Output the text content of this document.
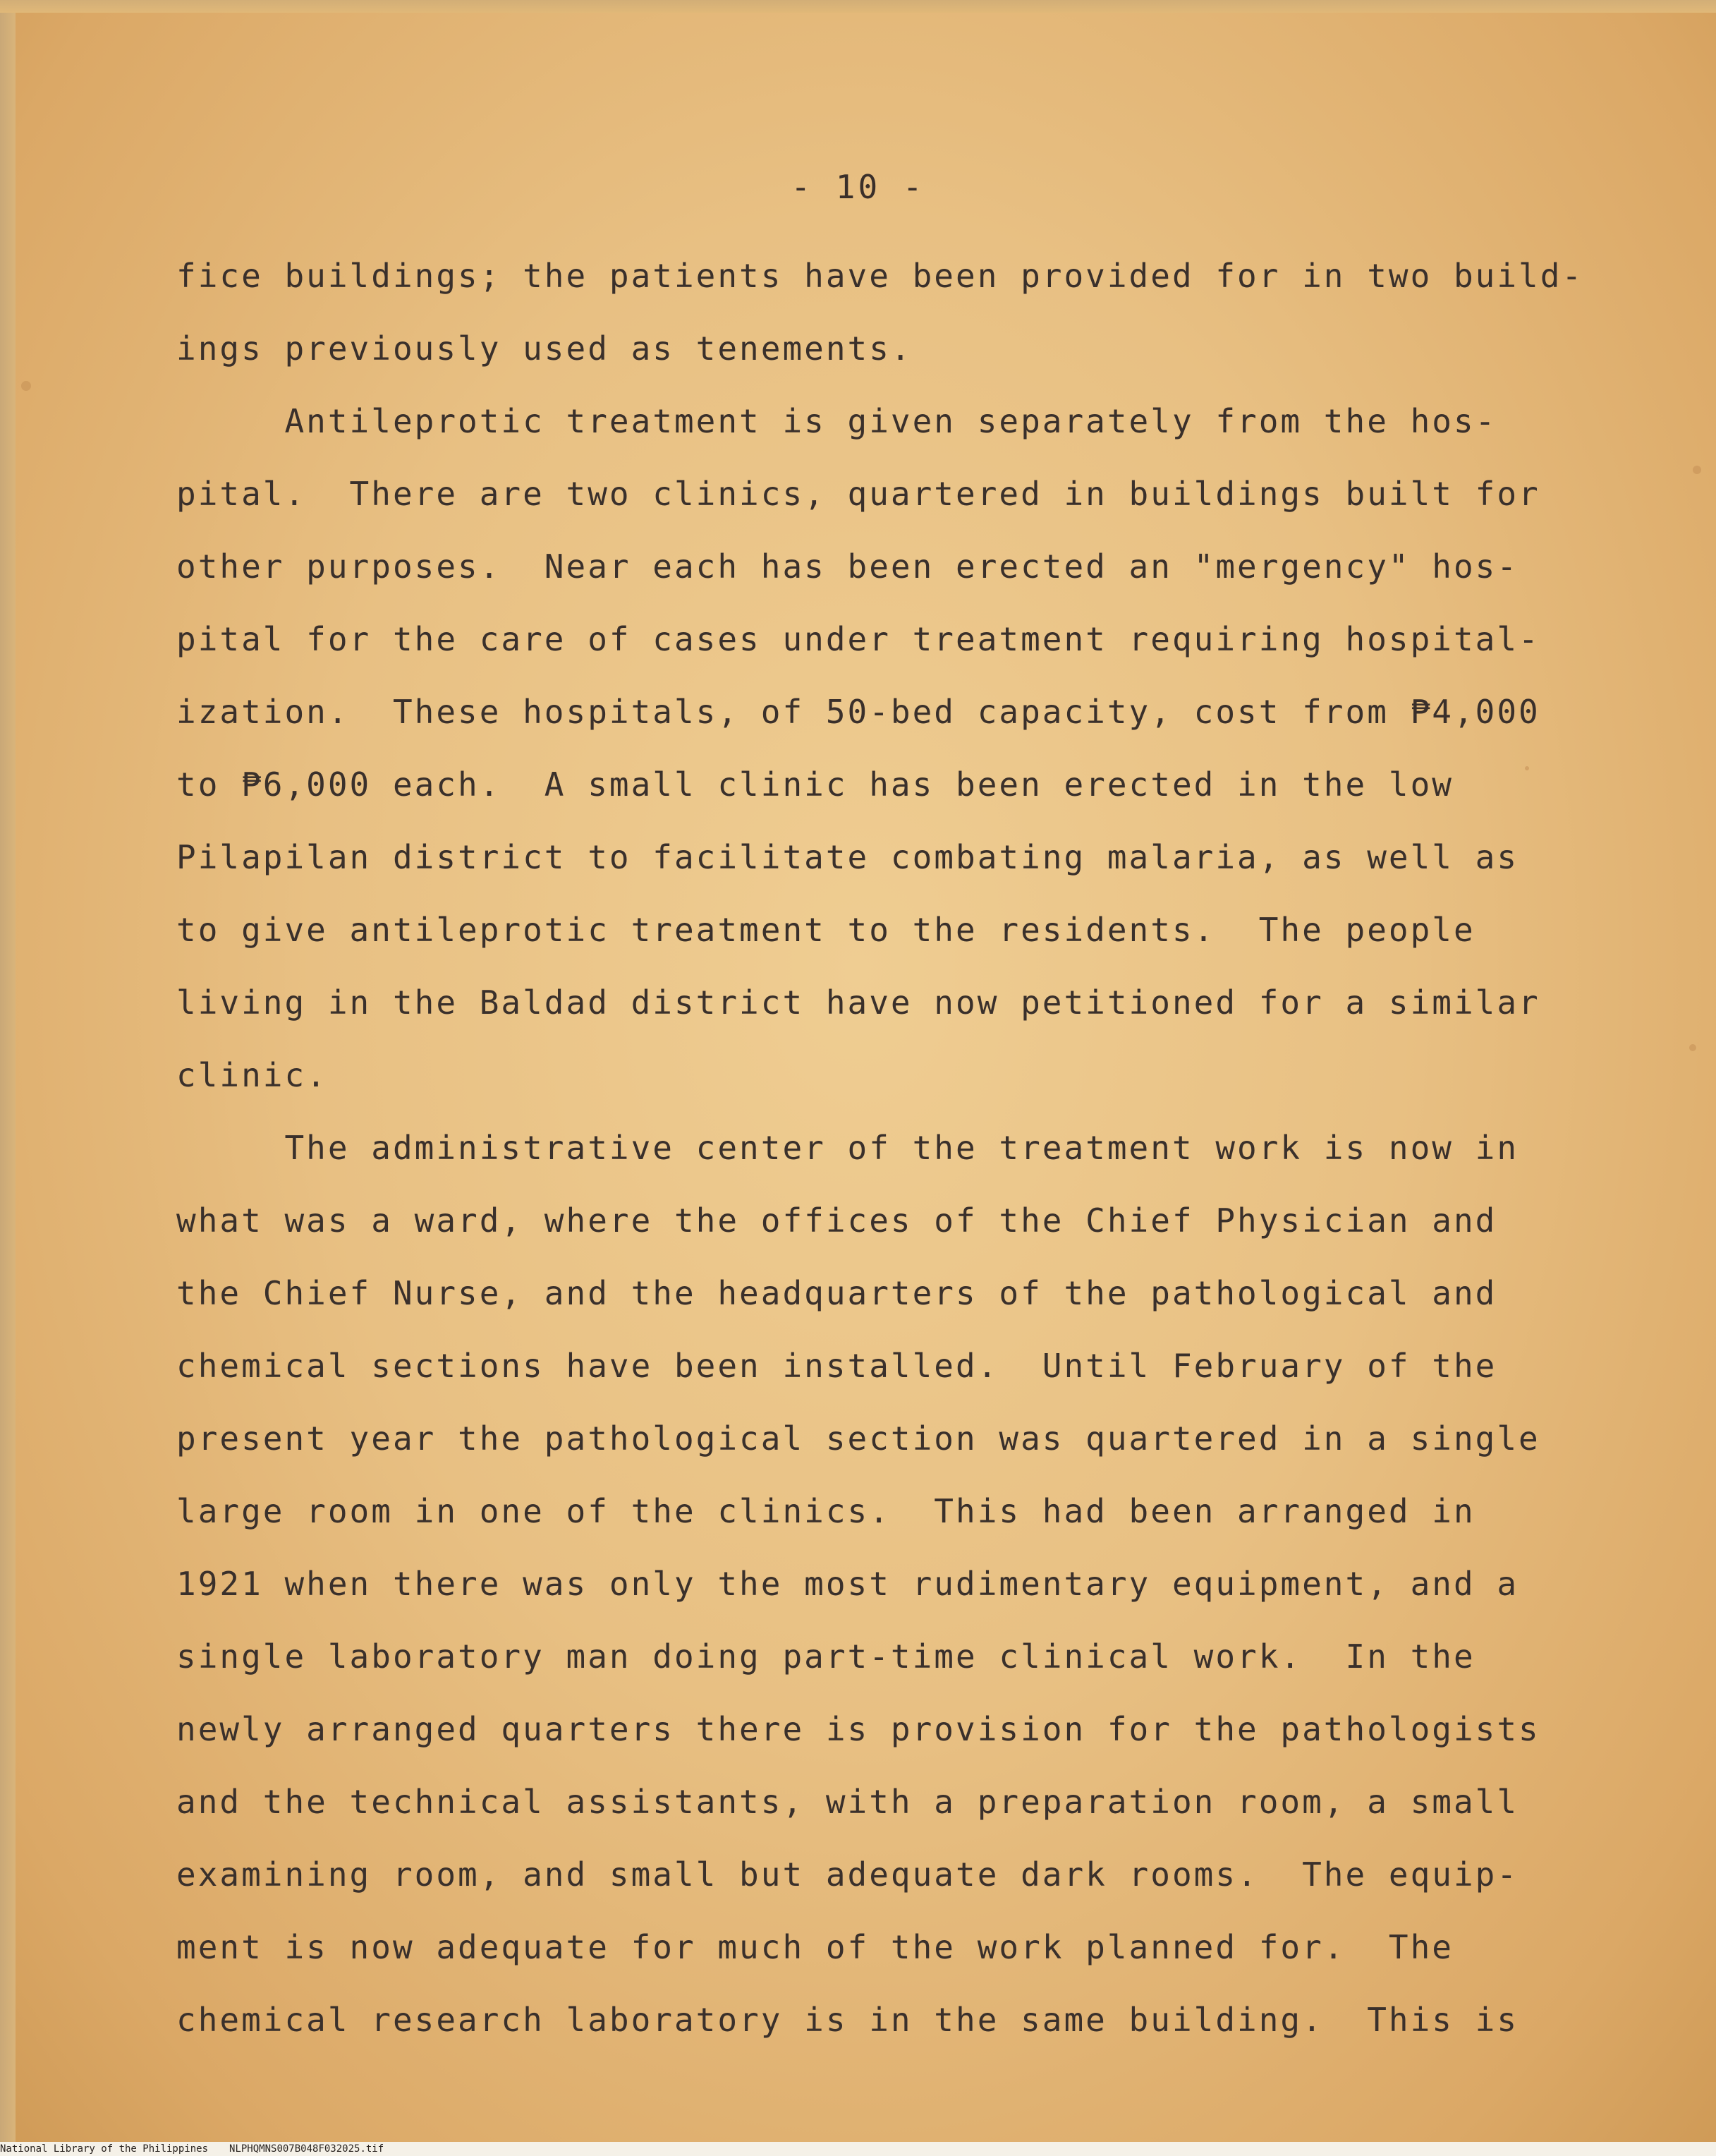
- 10 -
fice buildings; the patients have been provided for in two build-
ings previously used as tenements.
Antileprotic treatment is given separately from the hos-
pital.  There are two clinics, quartered in buildings built for
other purposes.  Near each has been erected an "mergency" hos-
pital for the care of cases under treatment requiring hospital-
ization.  These hospitals, of 50-bed capacity, cost from ₱4,000
to ₱6,000 each.  A small clinic has been erected in the low
Pilapilan district to facilitate combating malaria, as well as
to give antileprotic treatment to the residents.  The people
living in the Baldad district have now petitioned for a similar
clinic.
The administrative center of the treatment work is now in
what was a ward, where the offices of the Chief Physician and
the Chief Nurse, and the headquarters of the pathological and
chemical sections have been installed.  Until February of the
present year the pathological section was quartered in a single
large room in one of the clinics.  This had been arranged in
1921 when there was only the most rudimentary equipment, and a
single laboratory man doing part-time clinical work.  In the
newly arranged quarters there is provision for the pathologists
and the technical assistants, with a preparation room, a small
examining room, and small but adequate dark rooms.  The equip-
ment is now adequate for much of the work planned for.  The
chemical research laboratory is in the same building.  This is
National Library of the Philippines NLPHQMNS007B048F032025.tif
